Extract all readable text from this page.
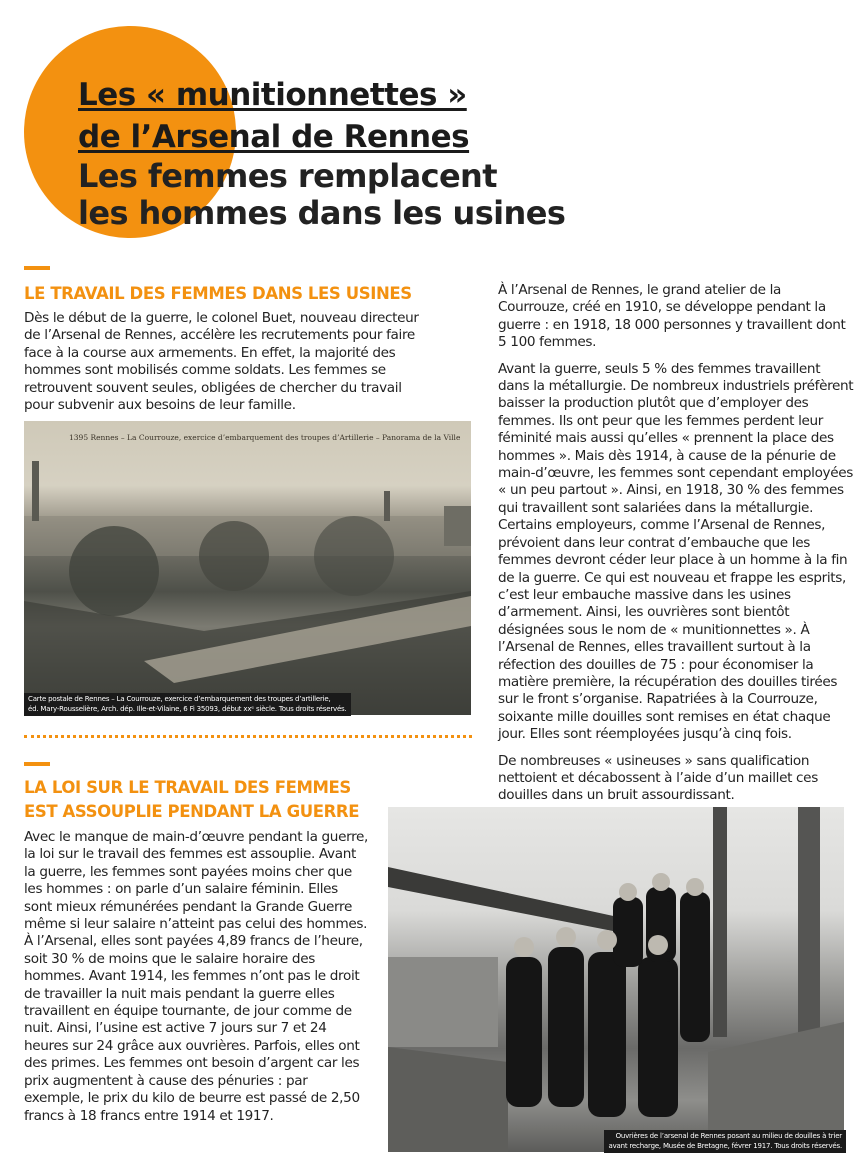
Les « munitionnettes »
de l’Arsenal de Rennes
Les femmes remplacent
les hommes dans les usines
LE TRAVAIL DES FEMMES DANS LES USINES

Dès le début de la guerre, le colonel Buet, nouveau directeur de l’Arsenal de Rennes, accélère les recrutements pour faire face à la course aux armements. En effet, la majorité des hommes sont mobilisés comme soldats. Les femmes se retrouvent souvent seules, obligées de chercher du travail pour subvenir aux besoins de leur famille.

1395 Rennes – La Courrouze, exercice d’embarquement des troupes d’Artillerie – Panorama de la Ville
Carte postale de Rennes – La Courrouze, exercice d’embarquement des troupes d’artillerie,
éd. Mary-Rousselière, Arch. dép. Ille-et-Vilaine, 6 Fi 35093, début xxᵉ siècle. Tous droits réservés.
LA LOI SUR LE TRAVAIL DES FEMMES
EST ASSOUPLIE PENDANT LA GUERRE

Avec le manque de main-d’œuvre pendant la guerre, la loi sur le travail des femmes est assouplie. Avant la guerre, les femmes sont payées moins cher que les hommes : on parle d’un salaire féminin. Elles sont mieux rémunérées pendant la Grande Guerre même si leur salaire n’atteint pas celui des hommes. À l’Arsenal, elles sont payées 4,89 francs de l’heure, soit 30 % de moins que le salaire horaire des hommes. Avant 1914, les femmes n’ont pas le droit de travailler la nuit mais pendant la guerre elles travaillent en équipe tournante, de jour comme de nuit. Ainsi, l’usine est active 7 jours sur 7 et 24 heures sur 24 grâce aux ouvrières. Parfois, elles ont des primes. Les femmes ont besoin d’argent car les prix augmentent à cause des pénuries : par exemple, le prix du kilo de beurre est passé de 2,50 francs à 18 francs entre 1914 et 1917.

À l’Arsenal de Rennes, le grand atelier de la Courrouze, créé en 1910, se développe pendant la guerre : en 1918, 18 000 personnes y travaillent dont 5 100 femmes.

Avant la guerre, seuls 5 % des femmes travaillent dans la métallurgie. De nombreux industriels préfèrent baisser la production plutôt que d’employer des femmes. Ils ont peur que les femmes perdent leur féminité mais aussi qu’elles « prennent la place des hommes ». Mais dès 1914, à cause de la pénurie de main-d’œuvre, les femmes sont cependant employées « un peu partout ». Ainsi, en 1918, 30 % des femmes qui travaillent sont salariées dans la métallurgie. Certains employeurs, comme l’Arsenal de Rennes, prévoient dans leur contrat d’embauche que les femmes devront céder leur place à un homme à la fin de la guerre. Ce qui est nouveau et frappe les esprits, c’est leur embauche massive dans les usines d’armement. Ainsi, les ouvrières sont bientôt désignées sous le nom de « munitionnettes ». À l’Arsenal de Rennes, elles travaillent surtout à la réfection des douilles de 75 : pour économiser la matière première, la récupération des douilles tirées sur le front s’organise. Rapatriées à la Courrouze, soixante mille douilles sont remises en état chaque jour. Elles sont réemployées jusqu’à cinq fois.

De nombreuses « usineuses » sans qualification nettoient et décabossent à l’aide d’un maillet ces douilles dans un bruit assourdissant.

Ouvrières de l’arsenal de Rennes posant au milieu de douilles à trier
avant recharge, Musée de Bretagne, févrer 1917. Tous droits réservés.
